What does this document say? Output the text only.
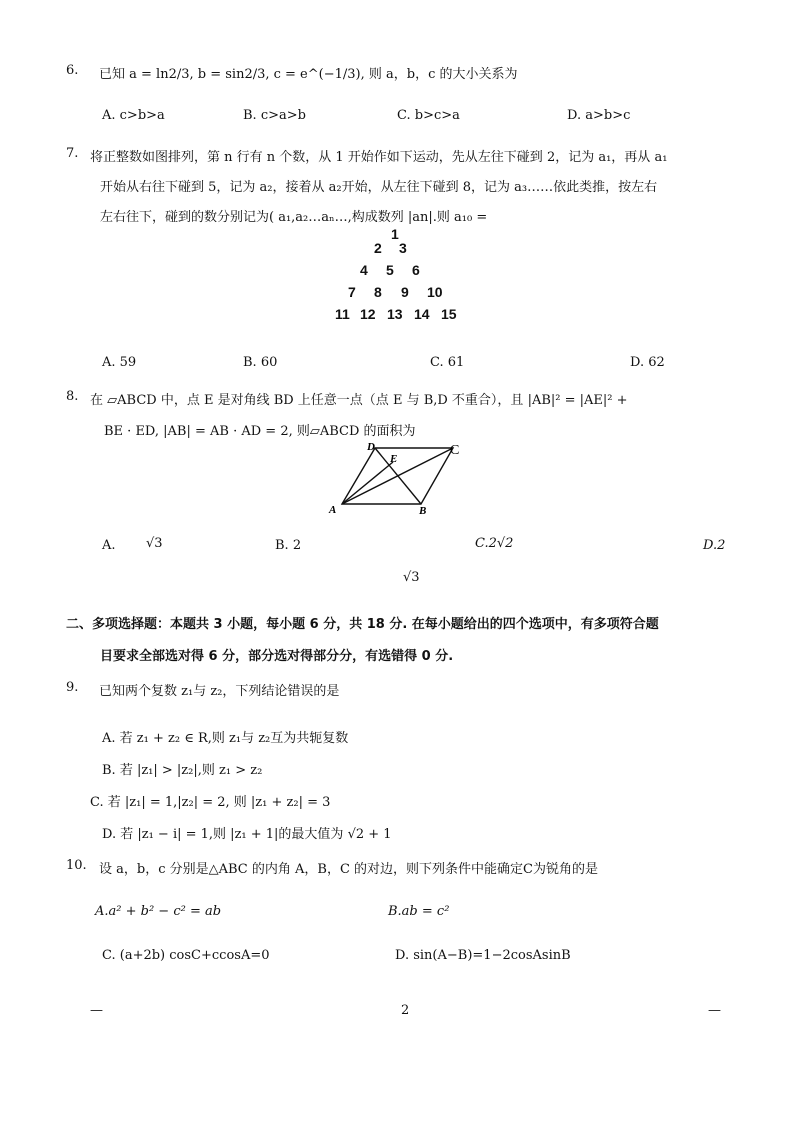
6. 已知 a = ln2/3, b = sin2/3, c = e^(−1/3), 则 a，b，c 的大小关系为
A. c>b>a	B. c>a>b	C. b>c>a	D. a>b>c
7. 将正整数如图排列，第 n 行有 n 个数，从 1 开始作如下运动，先从左往下碰到 2，记为 a₁，再从 a₁
开始从右往下碰到 5，记为 a₂，接着从 a₂开始，从左往下碰到 8，记为 a₃……依此类推，按左右
左右往下，碰到的数分别记为( a₁,a₂…aₙ…,构成数列 |an|.则 a₁₀ =
1
2 3
4 5 6
7 8 9 10
11 12 13 14 15
A. 59	B. 60	C. 61	D. 62
8. 在 ▱ABCD 中，点 E 是对角线 BD 上任意一点（点 E 与 B,D 不重合），且 |AB|² = |AE|² +
BE · ED, |AB| = AB · AD = 2, 则▱ABCD 的面积为
A	B
C
D
E
A. √3	B. 2	C.2√2	D.2
√3
二、多项选择题：本题共 3 小题，每小题 6 分，共 18 分. 在每小题给出的四个选项中，有多项符合题
目要求全部选对得 6 分，部分选对得部分分，有选错得 0 分.
9. 已知两个复数 z₁与 z₂，下列结论错误的是
A. 若 z₁ + z₂ ∈ R,则 z₁与 z₂互为共轭复数
B. 若 |z₁| > |z₂|,则 z₁ > z₂
C. 若 |z₁| = 1,|z₂| = 2, 则 |z₁ + z₂| = 3
D. 若 |z₁ − i| = 1,则 |z₁ + 1|的最大值为 √2 + 1
10. 设 a，b，c 分别是△ABC 的内角 A，B，C 的对边，则下列条件中能确定C为锐角的是
A.a² + b² − c² = ab	B.ab = c²
C. (a+2b) cosC+ccosA=0	D. sin(A−B)=1−2cosAsinB
—	2	—
